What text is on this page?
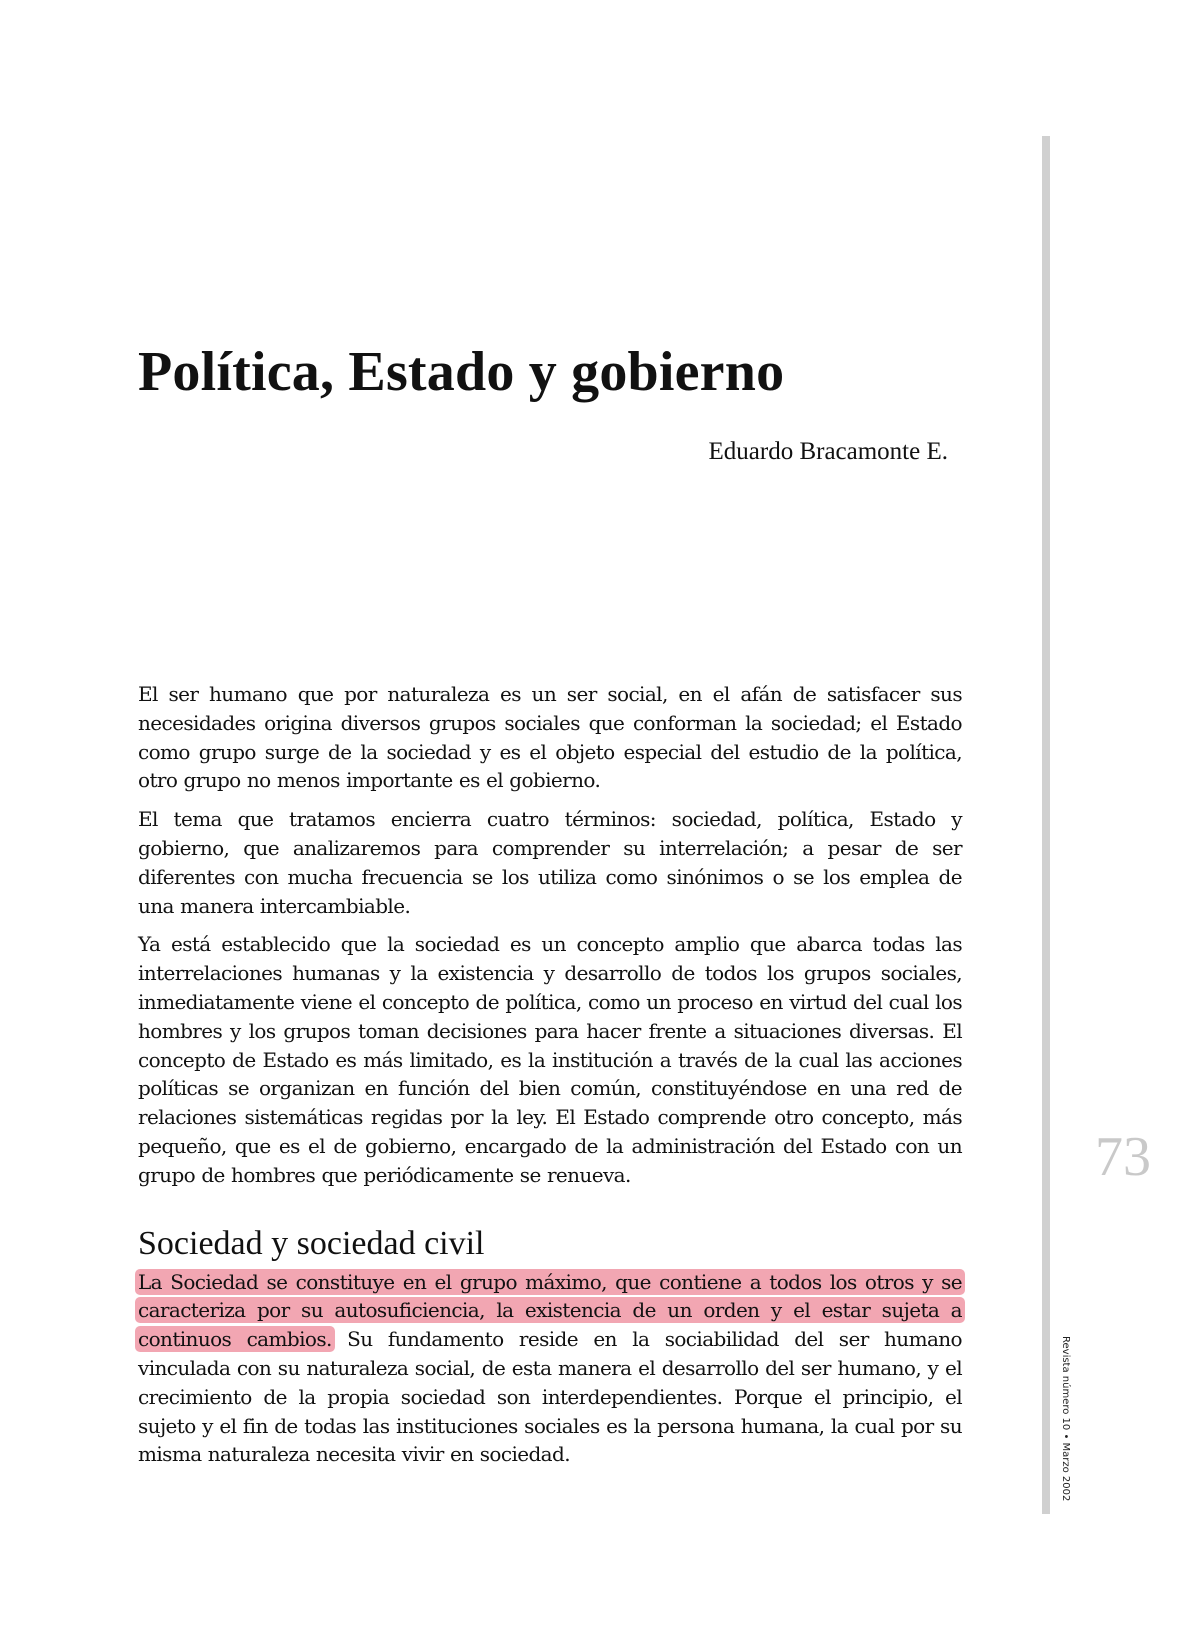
Política, Estado y gobierno

Eduardo Bracamonte E.

El ser humano que por naturaleza es un ser social, en el afán de satisfacer sus necesidades origina diversos grupos sociales que conforman la sociedad; el Estado como grupo surge de la sociedad y es el objeto especial del estudio de la política, otro grupo no menos importante es el gobierno.

El tema que tratamos encierra cuatro términos: sociedad, política, Estado y gobierno, que analizaremos para comprender su interrelación; a pesar de ser diferentes con mucha frecuencia se los utiliza como sinónimos o se los emplea de una manera intercambiable.

Ya está establecido que la sociedad es un concepto amplio que abarca todas las interrelaciones humanas y la existencia y desarrollo de todos los grupos sociales, inmediatamente viene el concepto de política, como un proceso en virtud del cual los hombres y los grupos toman decisiones para hacer frente a situaciones diversas. El concepto de Estado es más limitado, es la institución a través de la cual las acciones políticas se organizan en función del bien común, constituyéndose en una red de relaciones sistemáticas regidas por la ley. El Estado comprende otro concepto, más pequeño, que es el de gobierno, encargado de la administración del Estado con un grupo de hombres que periódicamente se renueva.

Sociedad y sociedad civil

La Sociedad se constituye en el grupo máximo, que contiene a todos los otros y se caracteriza por su autosuficiencia, la existencia de un orden y el estar sujeta a continuos cambios. Su fundamento reside en la sociabilidad del ser humano vinculada con su naturaleza social, de esta manera el desarrollo del ser humano, y el crecimiento de la propia sociedad son interdependientes. Porque el principio, el sujeto y el fin de todas las instituciones sociales es la persona humana, la cual por su misma naturaleza necesita vivir en sociedad.

73

Revista número 10 • Marzo 2002
